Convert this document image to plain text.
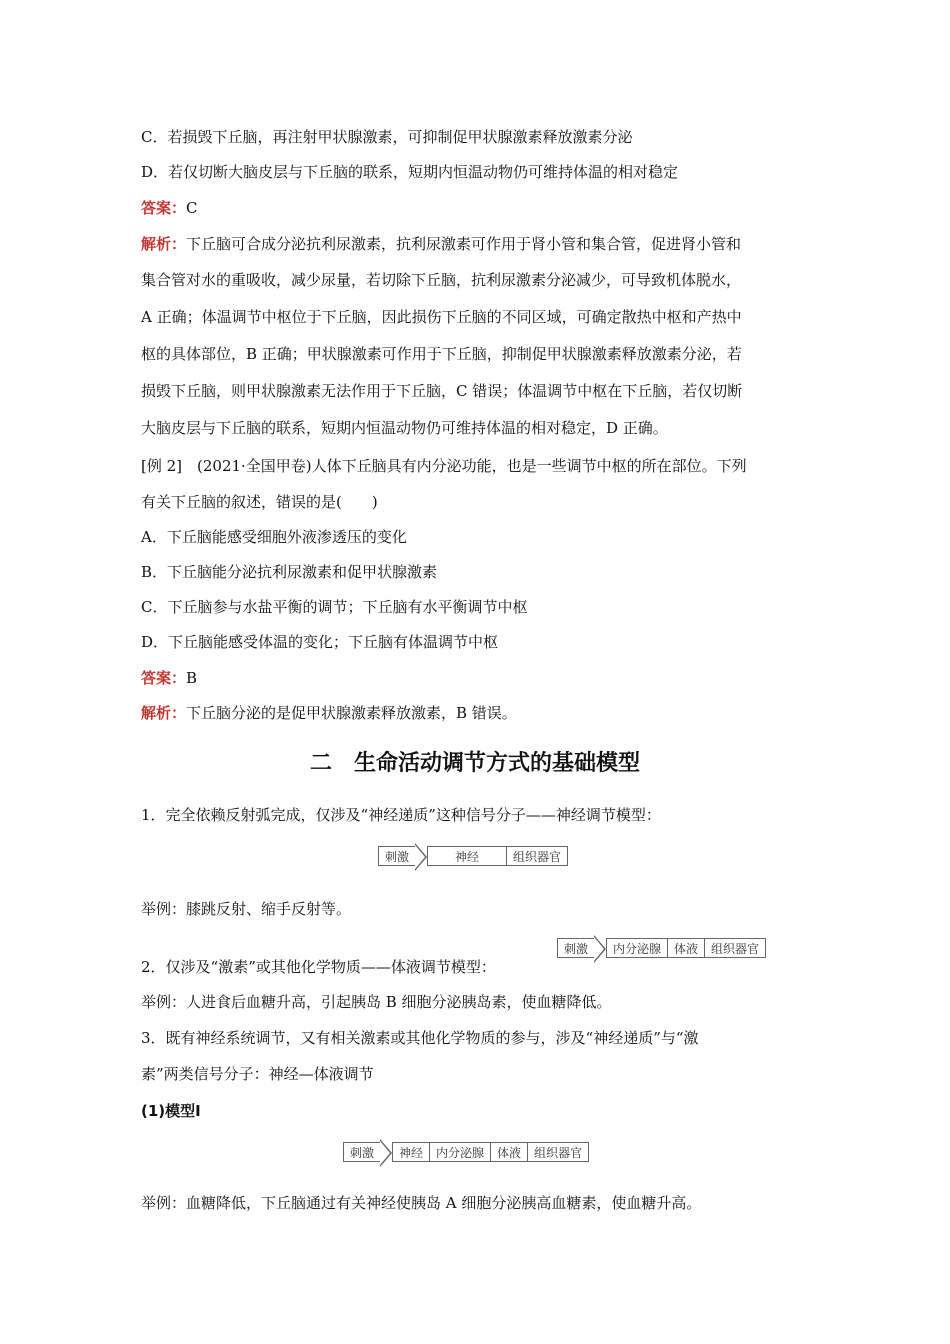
C．若损毁下丘脑，再注射甲状腺激素，可抑制促甲状腺激素释放激素分泌
D．若仅切断大脑皮层与下丘脑的联系，短期内恒温动物仍可维持体温的相对稳定
答案：C
解析：下丘脑可合成分泌抗利尿激素，抗利尿激素可作用于肾小管和集合管，促进肾小管和
集合管对水的重吸收，减少尿量，若切除下丘脑，抗利尿激素分泌减少，可导致机体脱水，
A 正确；体温调节中枢位于下丘脑，因此损伤下丘脑的不同区域，可确定散热中枢和产热中
枢的具体部位，B 正确；甲状腺激素可作用于下丘脑，抑制促甲状腺激素释放激素分泌，若
损毁下丘脑，则甲状腺激素无法作用于下丘脑，C 错误；体温调节中枢在下丘脑，若仅切断
大脑皮层与下丘脑的联系，短期内恒温动物仍可维持体温的相对稳定，D 正确。
[例 2]　(2021·全国甲卷)人体下丘脑具有内分泌功能，也是一些调节中枢的所在部位。下列
有关下丘脑的叙述，错误的是(　　)
A．下丘脑能感受细胞外液渗透压的变化
B．下丘脑能分泌抗利尿激素和促甲状腺激素
C．下丘脑参与水盐平衡的调节；下丘脑有水平衡调节中枢
D．下丘脑能感受体温的变化；下丘脑有体温调节中枢
答案：B
解析：下丘脑分泌的是促甲状腺激素释放激素，B 错误。
二　生命活动调节方式的基础模型
1．完全依赖反射弧完成，仅涉及“神经递质”这种信号分子——神经调节模型：
刺激	神经	组织器官
举例：膝跳反射、缩手反射等。
2．仅涉及“激素”或其他化学物质——体液调节模型：
刺激	内分泌腺	体液	组织器官
举例：人进食后血糖升高，引起胰岛 B 细胞分泌胰岛素，使血糖降低。
3．既有神经系统调节，又有相关激素或其他化学物质的参与，涉及“神经递质”与“激
素”两类信号分子：神经—体液调节
(1)模型Ⅰ
刺激	神经	内分泌腺	体液	组织器官
举例：血糖降低，下丘脑通过有关神经使胰岛 A 细胞分泌胰高血糖素，使血糖升高。
